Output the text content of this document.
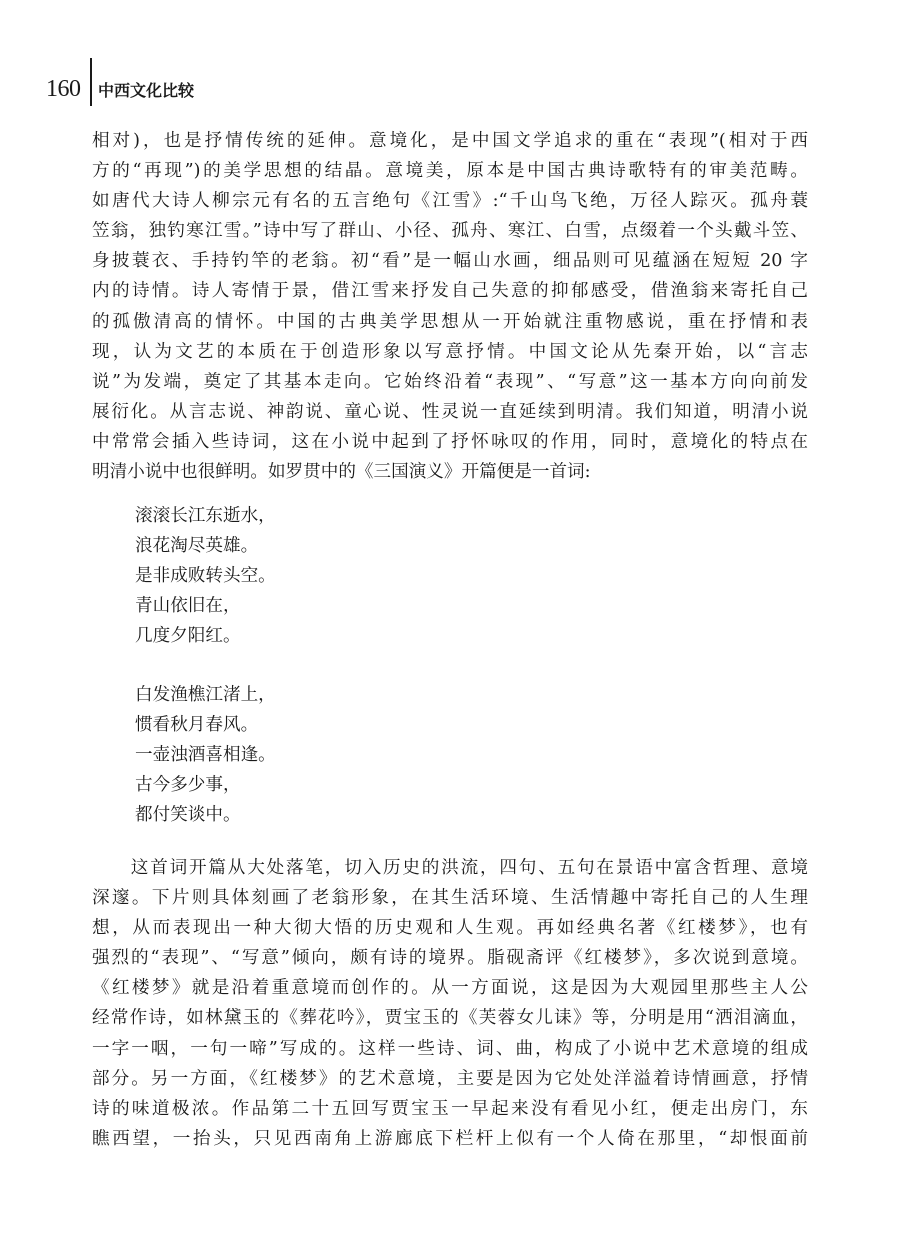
160 中西文化比较
相对)，也是抒情传统的延伸。意境化，是中国文学追求的重在“表现”(相对于西
方的“再现”)的美学思想的结晶。意境美，原本是中国古典诗歌特有的审美范畴。
如唐代大诗人柳宗元有名的五言绝句《江雪》:“千山鸟飞绝，万径人踪灭。孤舟蓑
笠翁，独钓寒江雪。”诗中写了群山、小径、孤舟、寒江、白雪，点缀着一个头戴斗笠、
身披蓑衣、手持钓竿的老翁。初“看”是一幅山水画，细品则可见蕴涵在短短 20 字
内的诗情。诗人寄情于景，借江雪来抒发自己失意的抑郁感受，借渔翁来寄托自己
的孤傲清高的情怀。中国的古典美学思想从一开始就注重物感说，重在抒情和表
现，认为文艺的本质在于创造形象以写意抒情。中国文论从先秦开始，以“言志
说”为发端，奠定了其基本走向。它始终沿着“表现”、“写意”这一基本方向向前发
展衍化。从言志说、神韵说、童心说、性灵说一直延续到明清。我们知道，明清小说
中常常会插入些诗词，这在小说中起到了抒怀咏叹的作用，同时，意境化的特点在
明清小说中也很鲜明。如罗贯中的《三国演义》开篇便是一首词:
滚滚长江东逝水，
浪花淘尽英雄。
是非成败转头空。
青山依旧在，
几度夕阳红。
白发渔樵江渚上，
惯看秋月春风。
一壶浊酒喜相逢。
古今多少事，
都付笑谈中。
　　这首词开篇从大处落笔，切入历史的洪流，四句、五句在景语中富含哲理、意境
深邃。下片则具体刻画了老翁形象，在其生活环境、生活情趣中寄托自己的人生理
想，从而表现出一种大彻大悟的历史观和人生观。再如经典名著《红楼梦》，也有
强烈的“表现”、“写意”倾向，颇有诗的境界。脂砚斋评《红楼梦》，多次说到意境。
《红楼梦》就是沿着重意境而创作的。从一方面说，这是因为大观园里那些主人公
经常作诗，如林黛玉的《葬花吟》，贾宝玉的《芙蓉女儿诔》等，分明是用“洒泪滴血，
一字一咽，一句一啼”写成的。这样一些诗、词、曲，构成了小说中艺术意境的组成
部分。另一方面，《红楼梦》的艺术意境，主要是因为它处处洋溢着诗情画意，抒情
诗的味道极浓。作品第二十五回写贾宝玉一早起来没有看见小红，便走出房门，东
瞧西望，一抬头，只见西南角上游廊底下栏杆上似有一个人倚在那里，“却恨面前
